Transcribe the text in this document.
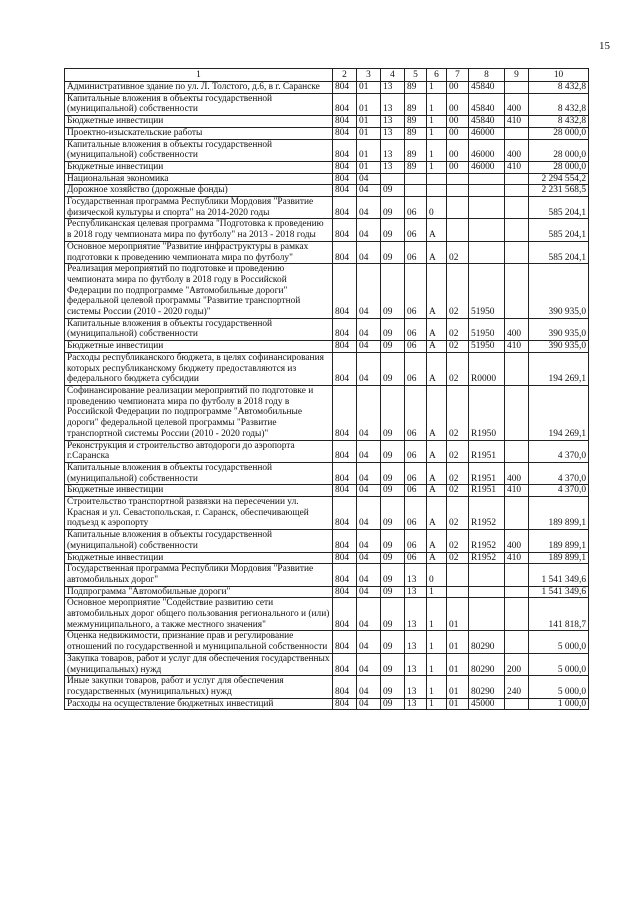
15
1	2	3	4	5	6	7	8	9	10
Административное здание по ул. Л. Толстого, д.6, в г. Саранске	804	01	13	89	1	00	45840		8 432,8
Капитальные вложения в объекты государственной (муниципальной) собственности	804	01	13	89	1	00	45840	400	8 432,8
Бюджетные инвестиции	804	01	13	89	1	00	45840	410	8 432,8
Проектно-изыскательские работы	804	01	13	89	1	00	46000		28 000,0
Капитальные вложения в объекты государственной (муниципальной) собственности	804	01	13	89	1	00	46000	400	28 000,0
Бюджетные инвестиции	804	01	13	89	1	00	46000	410	28 000,0
Национальная экономика	804	04							2 294 554,2
Дорожное хозяйство (дорожные фонды)	804	04	09						2 231 568,5
Государственная программа Республики Мордовия "Развитие физической культуры и спорта" на 2014-2020 годы	804	04	09	06	0				585 204,1
Республиканская целевая программа "Подготовка к проведению в 2018 году чемпионата мира по футболу" на 2013 - 2018 годы	804	04	09	06	А				585 204,1
Основное мероприятие "Развитие инфраструктуры в рамках подготовки к проведению чемпионата мира по футболу"	804	04	09	06	А	02			585 204,1
Реализация мероприятий по подготовке и проведению чемпионата мира по футболу в 2018 году в Российской Федерации по подпрограмме "Автомобильные дороги" федеральной целевой программы "Развитие транспортной системы России (2010 - 2020 годы)"	804	04	09	06	А	02	51950		390 935,0
Капитальные вложения в объекты государственной (муниципальной) собственности	804	04	09	06	А	02	51950	400	390 935,0
Бюджетные инвестиции	804	04	09	06	А	02	51950	410	390 935,0
Расходы республиканского бюджета, в целях софинансирования которых республиканскому бюджету предоставляются из федерального бюджета субсидии	804	04	09	06	А	02	R0000		194 269,1
Софинансирование реализации мероприятий по подготовке и проведению чемпионата мира по футболу в 2018 году в Российской Федерации по подпрограмме "Автомобильные дороги" федеральной целевой программы "Развитие транспортной системы России (2010 - 2020 годы)"	804	04	09	06	А	02	R1950		194 269,1
Реконструкция и строительство автодороги до аэропорта г.Саранска	804	04	09	06	А	02	R1951		4 370,0
Капитальные вложения в объекты государственной (муниципальной) собственности	804	04	09	06	А	02	R1951	400	4 370,0
Бюджетные инвестиции	804	04	09	06	А	02	R1951	410	4 370,0
Строительство транспортной развязки на пересечении ул. Красная и ул. Севастопольская, г. Саранск, обеспечивающей подъезд к аэропорту	804	04	09	06	А	02	R1952		189 899,1
Капитальные вложения в объекты государственной (муниципальной) собственности	804	04	09	06	А	02	R1952	400	189 899,1
Бюджетные инвестиции	804	04	09	06	А	02	R1952	410	189 899,1
Государственная программа Республики Мордовия "Развитие автомобильных дорог"	804	04	09	13	0				1 541 349,6
Подпрограмма "Автомобильные дороги"	804	04	09	13	1				1 541 349,6
Основное мероприятие "Содействие развитию сети автомобильных дорог общего пользования регионального и (или) межмуниципального, а также местного значения"	804	04	09	13	1	01			141 818,7
Оценка недвижимости, признание прав и регулирование отношений по государственной и муниципальной собственности	804	04	09	13	1	01	80290		5 000,0
Закупка товаров, работ и услуг для обеспечения государственных (муниципальных) нужд	804	04	09	13	1	01	80290	200	5 000,0
Иные закупки товаров, работ и услуг для обеспечения государственных (муниципальных) нужд	804	04	09	13	1	01	80290	240	5 000,0
Расходы на осуществление бюджетных инвестиций	804	04	09	13	1	01	45000		1 000,0
